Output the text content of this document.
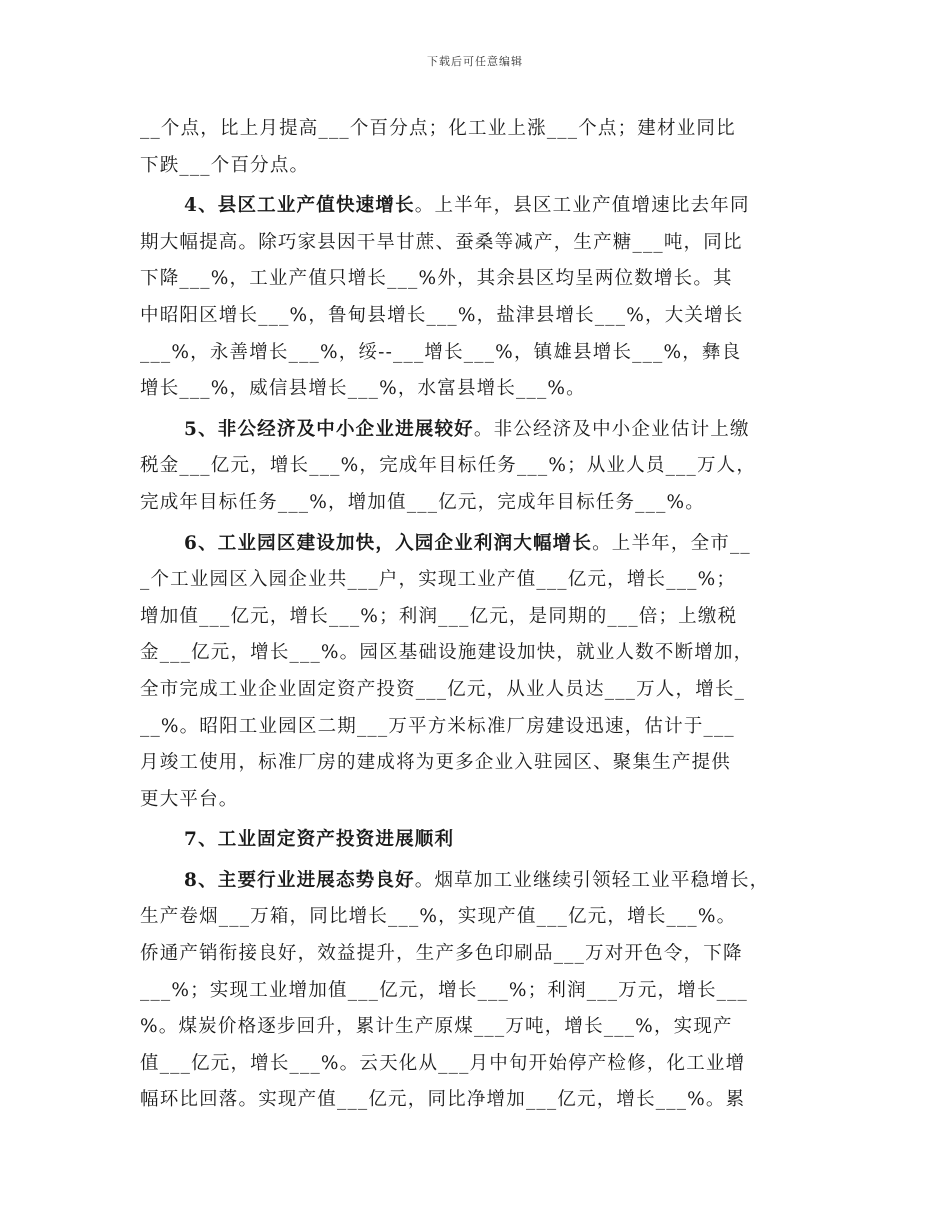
下载后可任意编辑
__个点，比上月提高___个百分点；化工业上涨___个点；建材业同比
下跌___个百分点。
4、县区工业产值快速增长。上半年，县区工业产值增速比去年同
期大幅提高。除巧家县因干旱甘蔗、蚕桑等减产，生产糖___吨，同比
下降___%，工业产值只增长___%外，其余县区均呈两位数增长。其
中昭阳区增长___%，鲁甸县增长___%，盐津县增长___%，大关增长
___%，永善增长___%，绥--___增长___%，镇雄县增长___%，彝良
增长___%，威信县增长___%，水富县增长___%。
5、非公经济及中小企业进展较好。非公经济及中小企业估计上缴
税金___亿元，增长___%，完成年目标任务___%；从业人员___万人，
完成年目标任务___%，增加值___亿元，完成年目标任务___%。
6、工业园区建设加快，入园企业利润大幅增长。上半年，全市__
_个工业园区入园企业共___户，实现工业产值___亿元，增长___%；
增加值___亿元，增长___%；利润___亿元，是同期的___倍；上缴税
金___亿元，增长___%。园区基础设施建设加快，就业人数不断增加，
全市完成工业企业固定资产投资___亿元，从业人员达___万人，增长_
__%。昭阳工业园区二期___万平方米标准厂房建设迅速，估计于___
月竣工使用，标准厂房的建成将为更多企业入驻园区、聚集生产提供
更大平台。
7、工业固定资产投资进展顺利
8、主要行业进展态势良好。烟草加工业继续引领轻工业平稳增长，
生产卷烟___万箱，同比增长___%，实现产值___亿元，增长___%。
侨通产销衔接良好，效益提升，生产多色印刷品___万对开色令，下降
___%；实现工业增加值___亿元，增长___%；利润___万元，增长___
%。煤炭价格逐步回升，累计生产原煤___万吨，增长___%，实现产
值___亿元，增长___%。云天化从___月中旬开始停产检修，化工业增
幅环比回落。实现产值___亿元，同比净增加___亿元，增长___%。累
